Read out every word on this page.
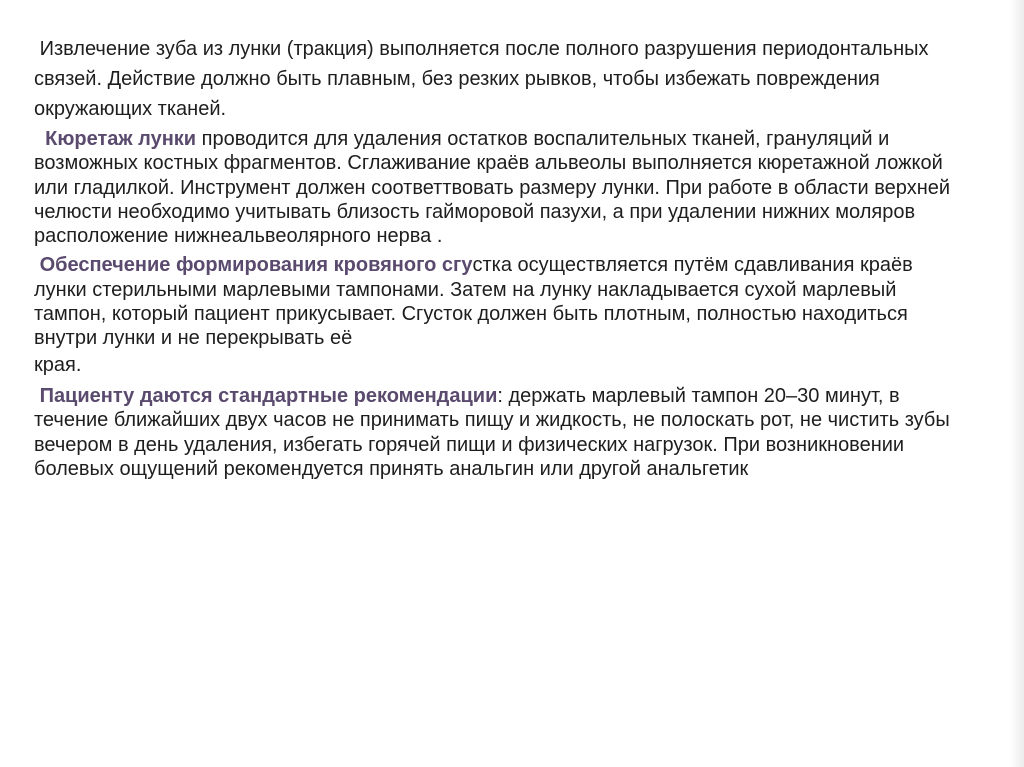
Извлечение зуба из лунки (тракция) выполняется после полного разрушения периодонтальных связей. Действие должно быть плавным, без резких рывков, чтобы избежать повреждения окружающих тканей.

Кюретаж лунки проводится для удаления остатков воспалительных тканей, грануляций и возможных костных фрагментов. Сглаживание краёв альвеолы выполняется кюретажной ложкой или гладилкой. Инструмент должен соответтвовать размеру лунки. При работе в области верхней челюсти необходимо учитывать близость гайморовой пазухи, а при удалении нижних моляров расположение нижнеальвеолярного нерва .

Обеспечение формирования кровяного сгустка осуществляется путём сдавливания краёв лунки стерильными марлевыми тампонами. Затем на лунку накладывается сухой марлевый тампон, который пациент прикусывает. Сгусток должен быть плотным, полностью находиться внутри лунки и не перекрывать её
края.

Пациенту даются стандартные рекомендации: держать марлевый тампон 20–30 минут, в течение ближайших двух часов не принимать пищу и жидкость, не полоскать рот, не чистить зубы вечером в день удаления, избегать горячей пищи и физических нагрузок. При возникновении болевых ощущений рекомендуется принять анальгин или другой анальгетик
